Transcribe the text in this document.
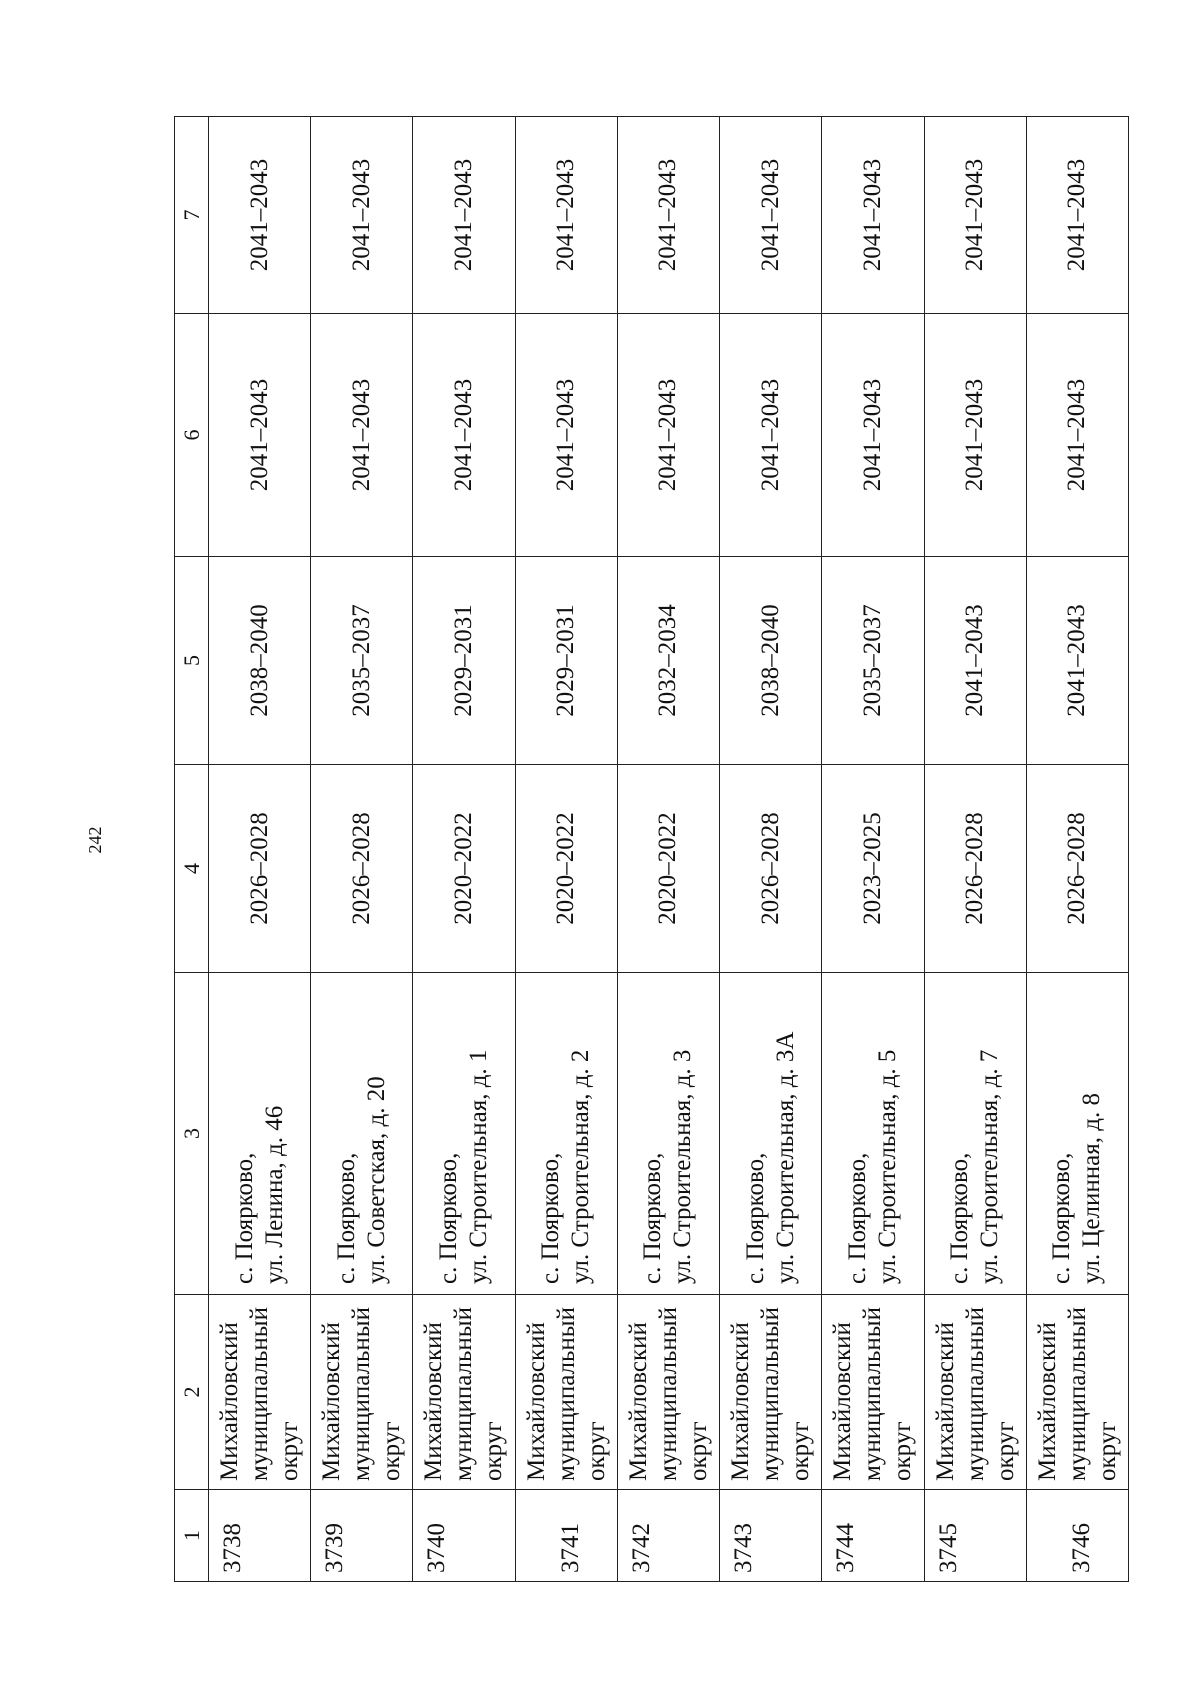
242
1	2	3	4	5	6	7
3738	Михайловский муниципальный округ	с. Поярково, ул. Ленина, д. 46	2026–2028	2038–2040	2041–2043	2041–2043
3739	Михайловский муниципальный округ	с. Поярково, ул. Советская, д. 20	2026–2028	2035–2037	2041–2043	2041–2043
3740	Михайловский муниципальный округ	с. Поярково, ул. Строительная, д. 1	2020–2022	2029–2031	2041–2043	2041–2043
3741	Михайловский муниципальный округ	с. Поярково, ул. Строительная, д. 2	2020–2022	2029–2031	2041–2043	2041–2043
3742	Михайловский муниципальный округ	с. Поярково, ул. Строительная, д. 3	2020–2022	2032–2034	2041–2043	2041–2043
3743	Михайловский муниципальный округ	с. Поярково, ул. Строительная, д. 3А	2026–2028	2038–2040	2041–2043	2041–2043
3744	Михайловский муниципальный округ	с. Поярково, ул. Строительная, д. 5	2023–2025	2035–2037	2041–2043	2041–2043
3745	Михайловский муниципальный округ	с. Поярково, ул. Строительная, д. 7	2026–2028	2041–2043	2041–2043	2041–2043
3746	Михайловский муниципальный округ	с. Поярково, ул. Целинная, д. 8	2026–2028	2041–2043	2041–2043	2041–2043
